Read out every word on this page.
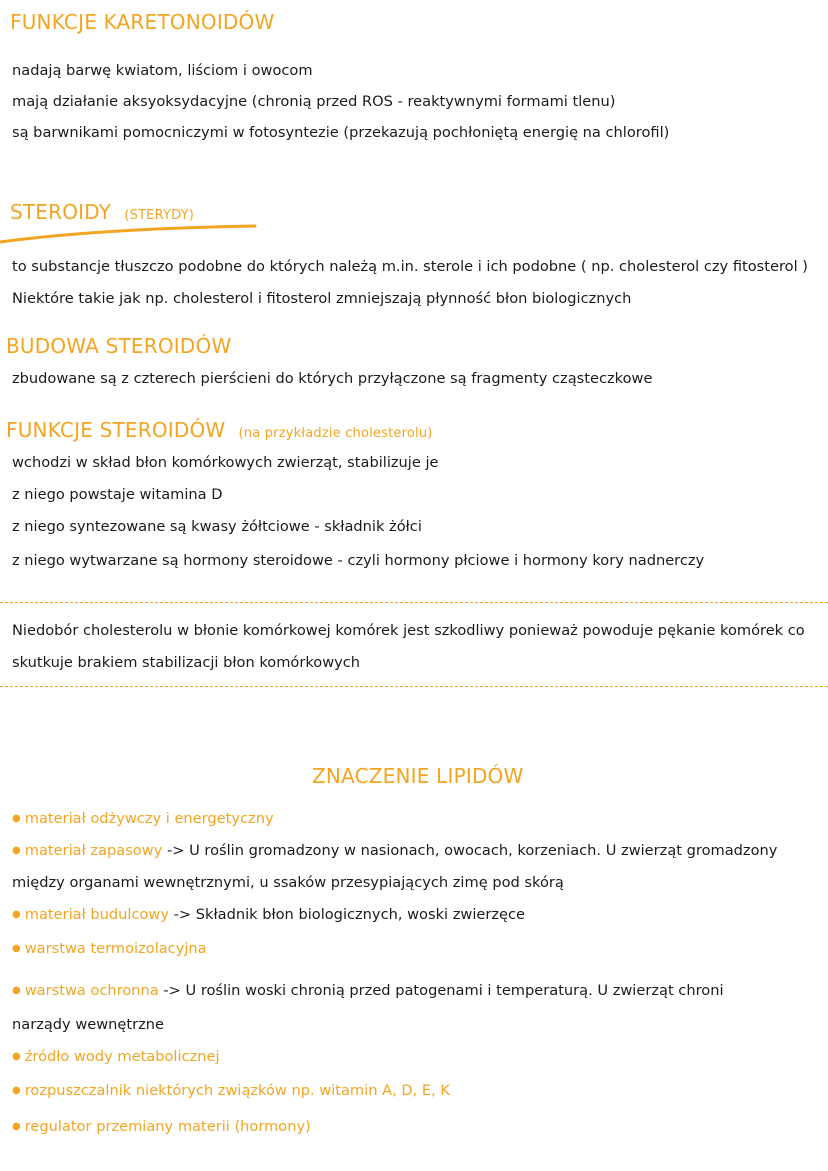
FUNKCJE KARETONOIDÓW
nadają barwę kwiatom, liściom i owocom
mają działanie aksyoksydacyjne (chronią przed ROS - reaktywnymi formami tlenu)
są barwnikami pomocniczymi w fotosyntezie (przekazują pochłoniętą energię na chlorofil)
STEROIDY (STERYDY)
to substancje tłuszczo podobne do których należą m.in. sterole i ich podobne ( np. cholesterol czy fitosterol )
Niektóre takie jak np. cholesterol i fitosterol zmniejszają płynność błon biologicznych
BUDOWA STEROIDÓW
zbudowane są z czterech pierścieni do których przyłączone są fragmenty cząsteczkowe
FUNKCJE STEROIDÓW (na przykładzie cholesterolu)
wchodzi w skład błon komórkowych zwierząt, stabilizuje je
z niego powstaje witamina D
z niego syntezowane są kwasy żółtciowe - składnik żółci
z niego wytwarzane są hormony steroidowe - czyli hormony płciowe i hormony kory nadnerczy
Niedobór cholesterolu w błonie komórkowej komórek jest szkodliwy ponieważ powoduje pękanie komórek co
skutkuje brakiem stabilizacji błon komórkowych
ZNACZENIE LIPIDÓW
● materiał odżywczy i energetyczny
● materiał zapasowy -> U roślin gromadzony w nasionach, owocach, korzeniach. U zwierząt gromadzony
między organami wewnętrznymi, u ssaków przesypiających zimę pod skórą
● materiał budulcowy -> Składnik błon biologicznych, woski zwierzęce
● warstwa termoizolacyjna
● warstwa ochronna -> U roślin woski chronią przed patogenami i temperaturą. U zwierząt chroni
narządy wewnętrzne
● źródło wody metabolicznej
● rozpuszczalnik niektórych związków np. witamin A, D, E, K
● regulator przemiany materii (hormony)
